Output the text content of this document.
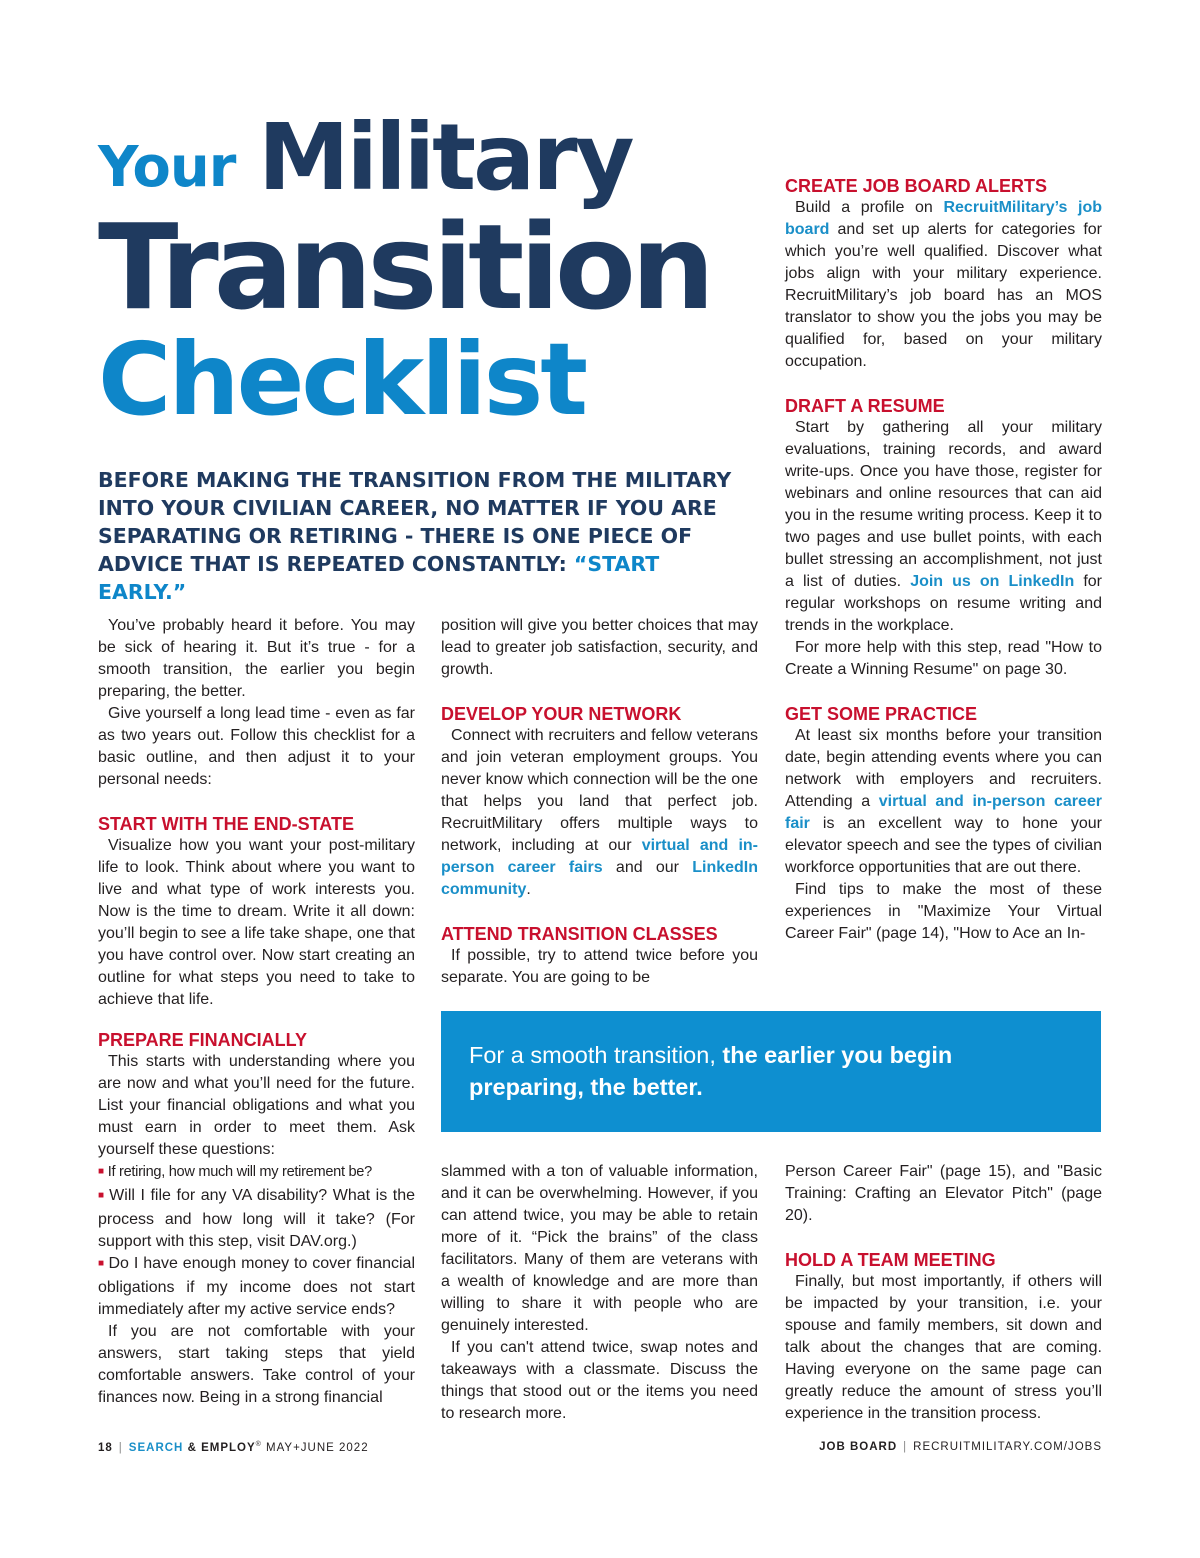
Your Military
Transition
Checklist
BEFORE MAKING THE TRANSITION FROM THE MILITARY INTO YOUR CIVILIAN CAREER, NO MATTER IF YOU ARE SEPARATING OR RETIRING - THERE IS ONE PIECE OF ADVICE THAT IS REPEATED CONSTANTLY: “START EARLY.”

You’ve probably heard it before. You may be sick of hearing it. But it’s true - for a smooth transition, the earlier you begin preparing, the better.

Give yourself a long lead time - even as far as two years out. Follow this checklist for a basic outline, and then adjust it to your personal needs:

START WITH THE END-STATE

Visualize how you want your post-military life to look. Think about where you want to live and what type of work interests you. Now is the time to dream. Write it all down: you’ll begin to see a life take shape, one that you have control over. Now start creating an outline for what steps you need to take to achieve that life.

PREPARE FINANCIALLY

This starts with understanding where you are now and what you’ll need for the future. List your financial obligations and what you must earn in order to meet them. Ask yourself these questions:

■ If retiring, how much will my retirement be?

■ Will I file for any VA disability? What is the process and how long will it take? (For support with this step, visit DAV.org.)

■ Do I have enough money to cover financial obligations if my income does not start immediately after my active service ends?

If you are not comfortable with your answers, start taking steps that yield comfortable answers. Take control of your finances now. Being in a strong financial

position will give you better choices that may lead to greater job satisfaction, security, and growth.

DEVELOP YOUR NETWORK

Connect with recruiters and fellow veterans and join veteran employment groups. You never know which connection will be the one that helps you land that perfect job. RecruitMilitary offers multiple ways to network, including at our virtual and in-person career fairs and our LinkedIn community.

ATTEND TRANSITION CLASSES

If possible, try to attend twice before you separate. You are going to be

slammed with a ton of valuable information, and it can be overwhelming. However, if you can attend twice, you may be able to retain more of it. “Pick the brains” of the class facilitators. Many of them are veterans with a wealth of knowledge and are more than willing to share it with people who are genuinely interested.

If you can't attend twice, swap notes and takeaways with a classmate. Discuss the things that stood out or the items you need to research more.

CREATE JOB BOARD ALERTS

Build a profile on RecruitMilitary’s job board and set up alerts for categories for which you’re well qualified. Discover what jobs align with your military experience. RecruitMilitary’s job board has an MOS translator to show you the jobs you may be qualified for, based on your military occupation.

DRAFT A RESUME

Start by gathering all your military evaluations, training records, and award write-ups. Once you have those, register for webinars and online resources that can aid you in the resume writing process. Keep it to two pages and use bullet points, with each bullet stressing an accomplishment, not just a list of duties. Join us on LinkedIn for regular workshops on resume writing and trends in the workplace.

For more help with this step, read "How to Create a Winning Resume" on page 30.

GET SOME PRACTICE

At least six months before your transition date, begin attending events where you can network with employers and recruiters. Attending a virtual and in-person career fair is an excellent way to hone your elevator speech and see the types of civilian workforce opportunities that are out there.

Find tips to make the most of these experiences in "Maximize Your Virtual Career Fair" (page 14), "How to Ace an In-

Person Career Fair" (page 15), and "Basic Training: Crafting an Elevator Pitch" (page 20).

HOLD A TEAM MEETING

Finally, but most importantly, if others will be impacted by your transition, i.e. your spouse and family members, sit down and talk about the changes that are coming. Having everyone on the same page can greatly reduce the amount of stress you’ll experience in the transition process.

For a smooth transition, the earlier you begin preparing, the better.
18 | SEARCH & EMPLOY® MAY+JUNE 2022	JOB BOARD | RECRUITMILITARY.COM/JOBS
